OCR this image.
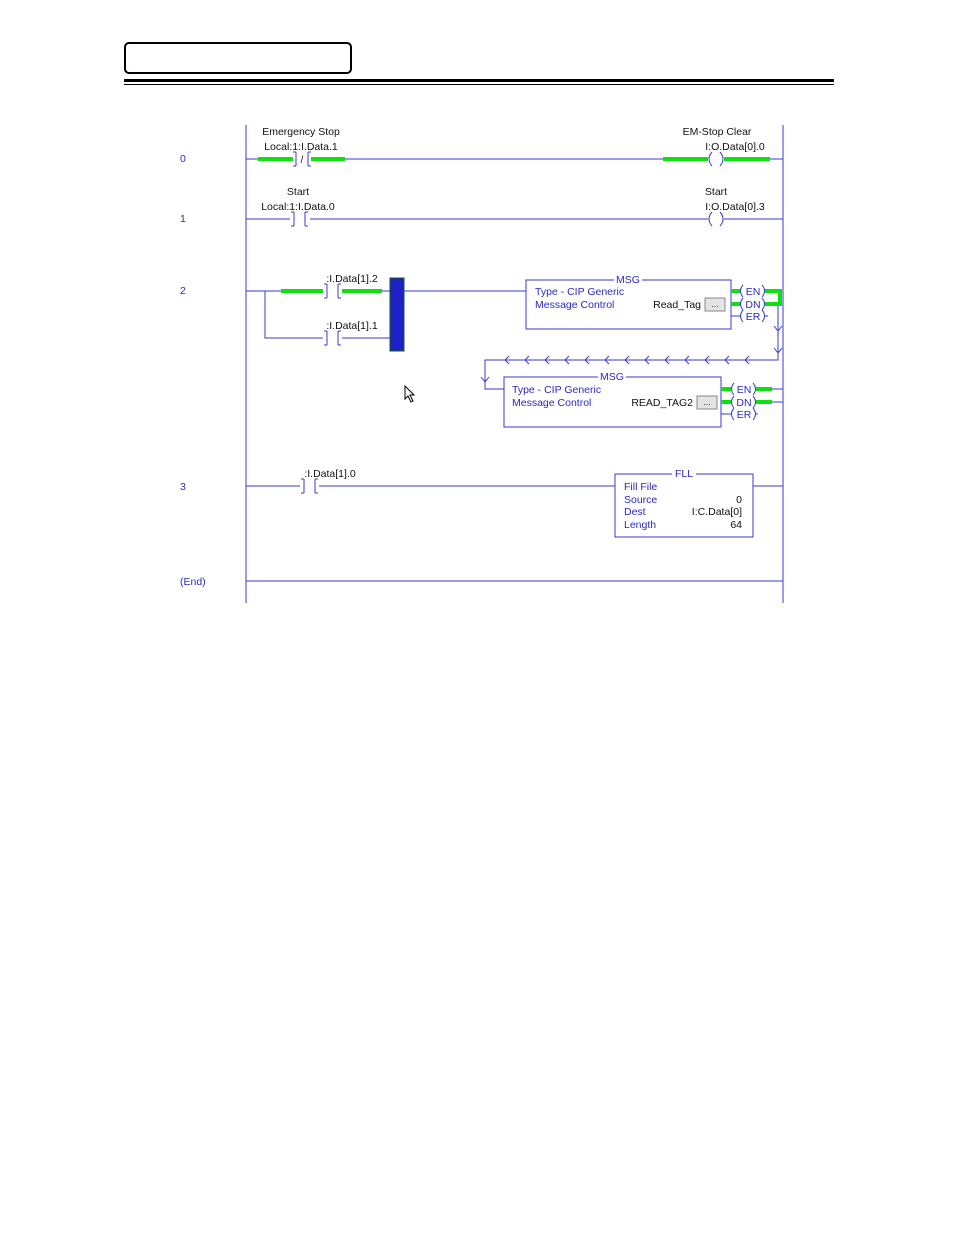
0	/
Emergency Stop
Local:1:I.Data.1
EM-Stop Clear
I:O.Data[0].0
1
Start
Local:1:I.Data.0
Start
I:O.Data[0].3
2
:I.Data[1].2
:I.Data[1].1
MSG
Type - CIP Generic
Message Control	Read_Tag ...
EN
DN
ER
MSG
Type - CIP Generic
Message Control	READ_TAG2 ...
EN
DN
ER
3
:I.Data[1].0	FLL
Fill File
Source	0
Dest	I:C.Data[0]
Length	64
(End)
